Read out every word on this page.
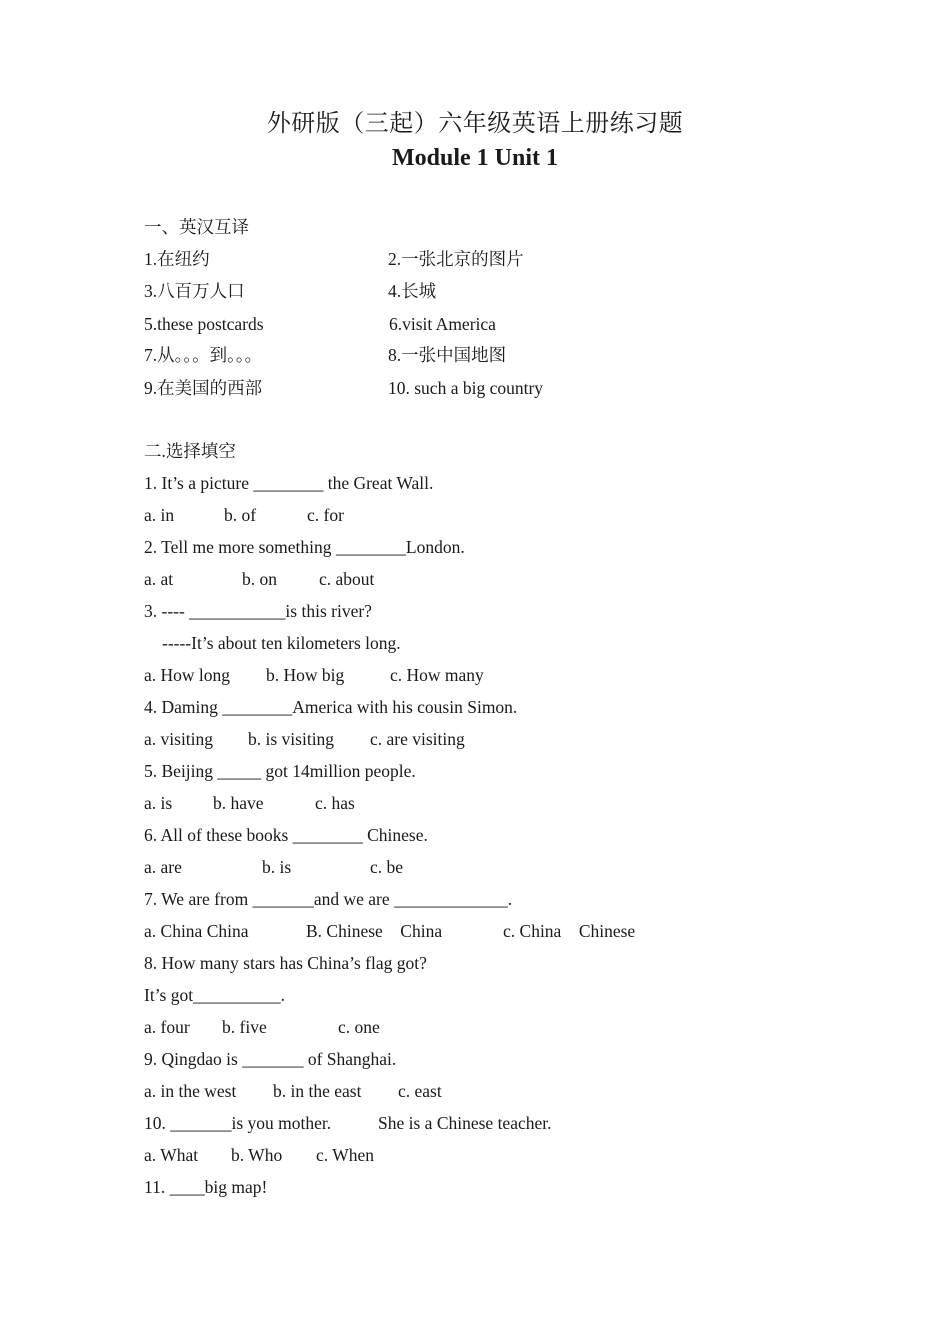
外研版（三起）六年级英语上册练习题
Module 1 Unit 1
一、英汉互译
1.在纽约	2.一张北京的图片
3.八百万人口	4.长城
5.these postcards	6.visit America
7.从。。。到。。。	8.一张中国地图
9.在美国的西部	10. such a big country
二.选择填空
1. It’s a picture ________ the Great Wall.
a. in	b. of	c. for
2. Tell me more something ________London.
a. at	b. on c. about
3. ---- ___________is this river?
-----It’s about ten kilometers long.
a. How long b. How big	c. How many
4. Daming ________America with his cousin Simon.
a. visiting b. is visiting c. are visiting
5. Beijing _____ got 14million people.
a. is b. have	c. has
6. All of these books ________ Chinese.
a. are	b. is	c. be
7. We are from _______and we are _____________.
a. China China	B. Chinese    China	c. China    Chinese
8. How many stars has China’s flag got?
It’s got__________.
a. four b. five	c. one
9. Qingdao is _______ of Shanghai.
a. in the west b. in the east c. east
10. _______is you mother.	She is a Chinese teacher.
a. What b. Who c. When
11. ____big map!
